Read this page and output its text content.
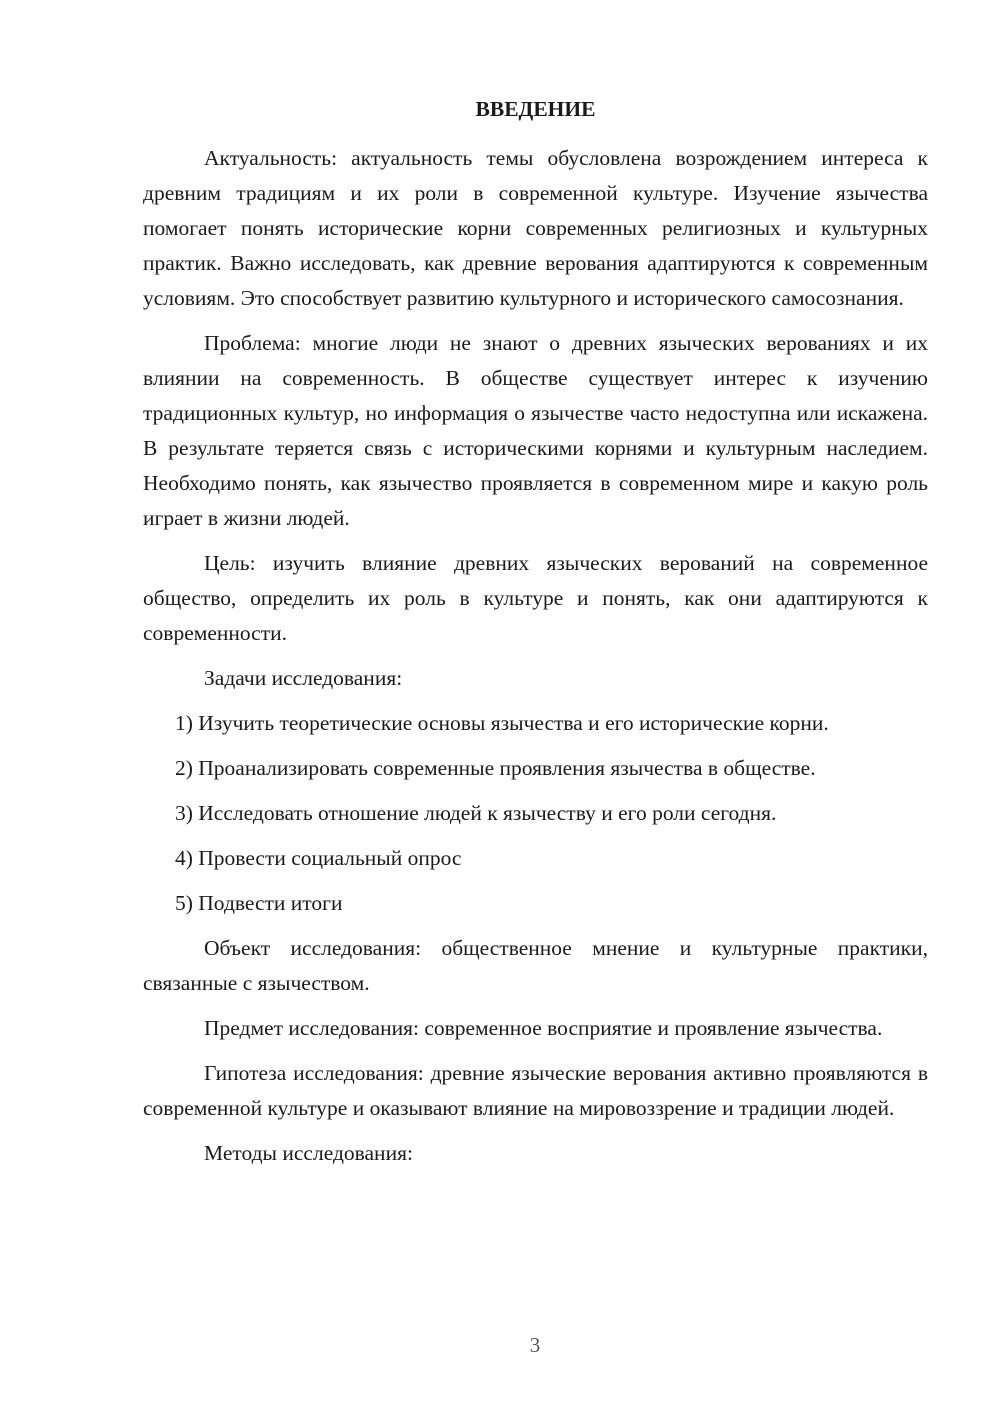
ВВЕДЕНИЕ

Актуальность: актуальность темы обусловлена возрождением интереса к древним традициям и их роли в современной культуре. Изучение язычества помогает понять исторические корни современных религиозных и культурных практик. Важно исследовать, как древние верования адаптируются к современным условиям. Это способствует развитию культурного и исторического самосознания.

Проблема: многие люди не знают о древних языческих верованиях и их влиянии на современность. В обществе существует интерес к изучению традиционных культур, но информация о язычестве часто недоступна или искажена. В результате теряется связь с историческими корнями и культурным наследием. Необходимо понять, как язычество проявляется в современном мире и какую роль играет в жизни людей.

Цель: изучить влияние древних языческих верований на современное общество, определить их роль в культуре и понять, как они адаптируются к современности.

Задачи исследования:

1) Изучить теоретические основы язычества и его исторические корни.
2) Проанализировать современные проявления язычества в обществе.
3) Исследовать отношение людей к язычеству и его роли сегодня.
4) Провести социальный опрос
5) Подвести итоги

Объект исследования: общественное мнение и культурные практики, связанные с язычеством.

Предмет исследования: современное восприятие и проявление язычества.

Гипотеза исследования: древние языческие верования активно проявляются в современной культуре и оказывают влияние на мировоззрение и традиции людей.

Методы исследования:

3
